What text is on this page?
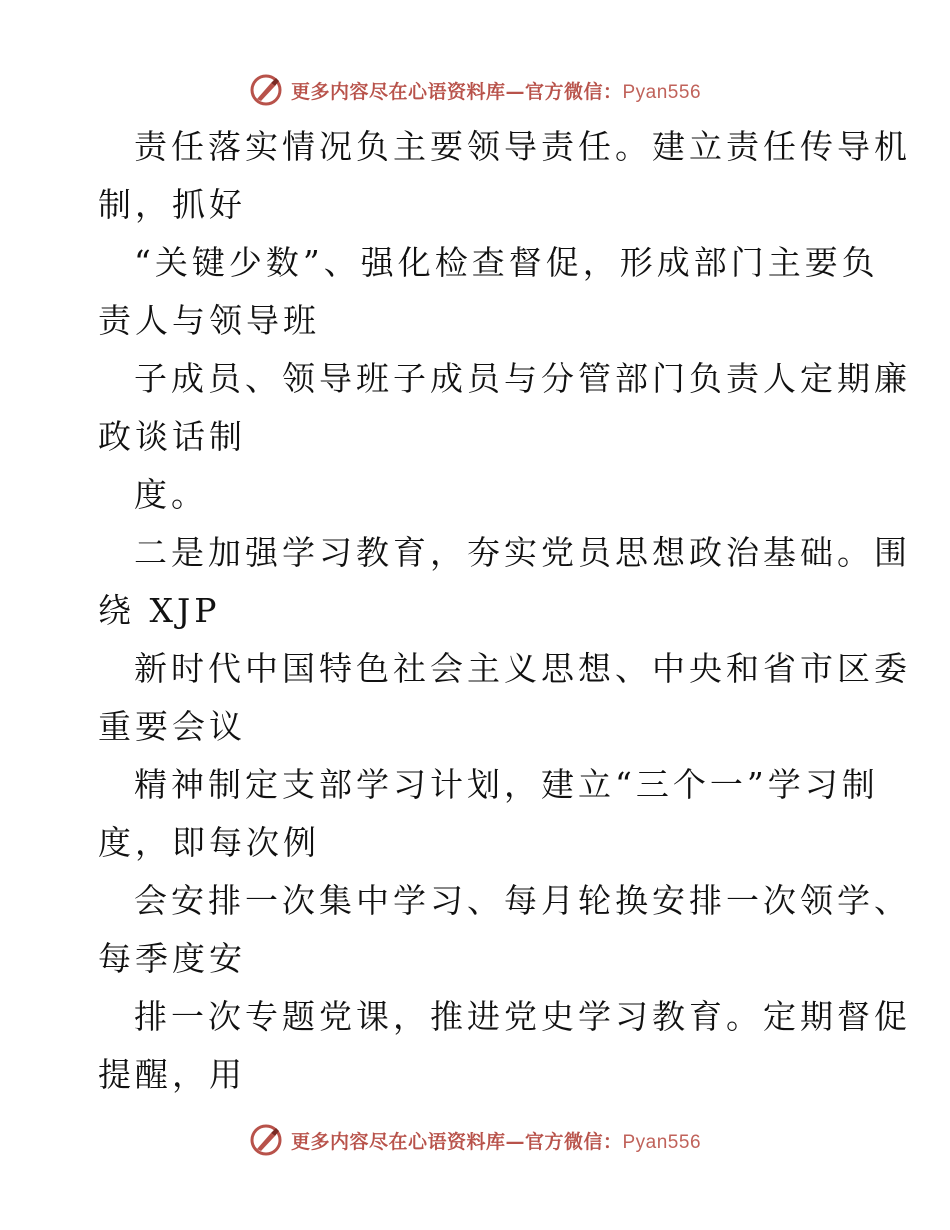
更多内容尽在心语资料库—官方微信：Pyan556
责任落实情况负主要领导责任。建立责任传导机
制，抓好
“关键少数”、强化检查督促，形成部门主要负
责人与领导班
子成员、领导班子成员与分管部门负责人定期廉
政谈话制
度。
二是加强学习教育，夯实党员思想政治基础。围
绕 XJP
新时代中国特色社会主义思想、中央和省市区委
重要会议
精神制定支部学习计划，建立“三个一”学习制
度，即每次例
会安排一次集中学习、每月轮换安排一次领学、
每季度安
排一次专题党课，推进党史学习教育。定期督促
提醒，用
更多内容尽在心语资料库—官方微信：Pyan556
